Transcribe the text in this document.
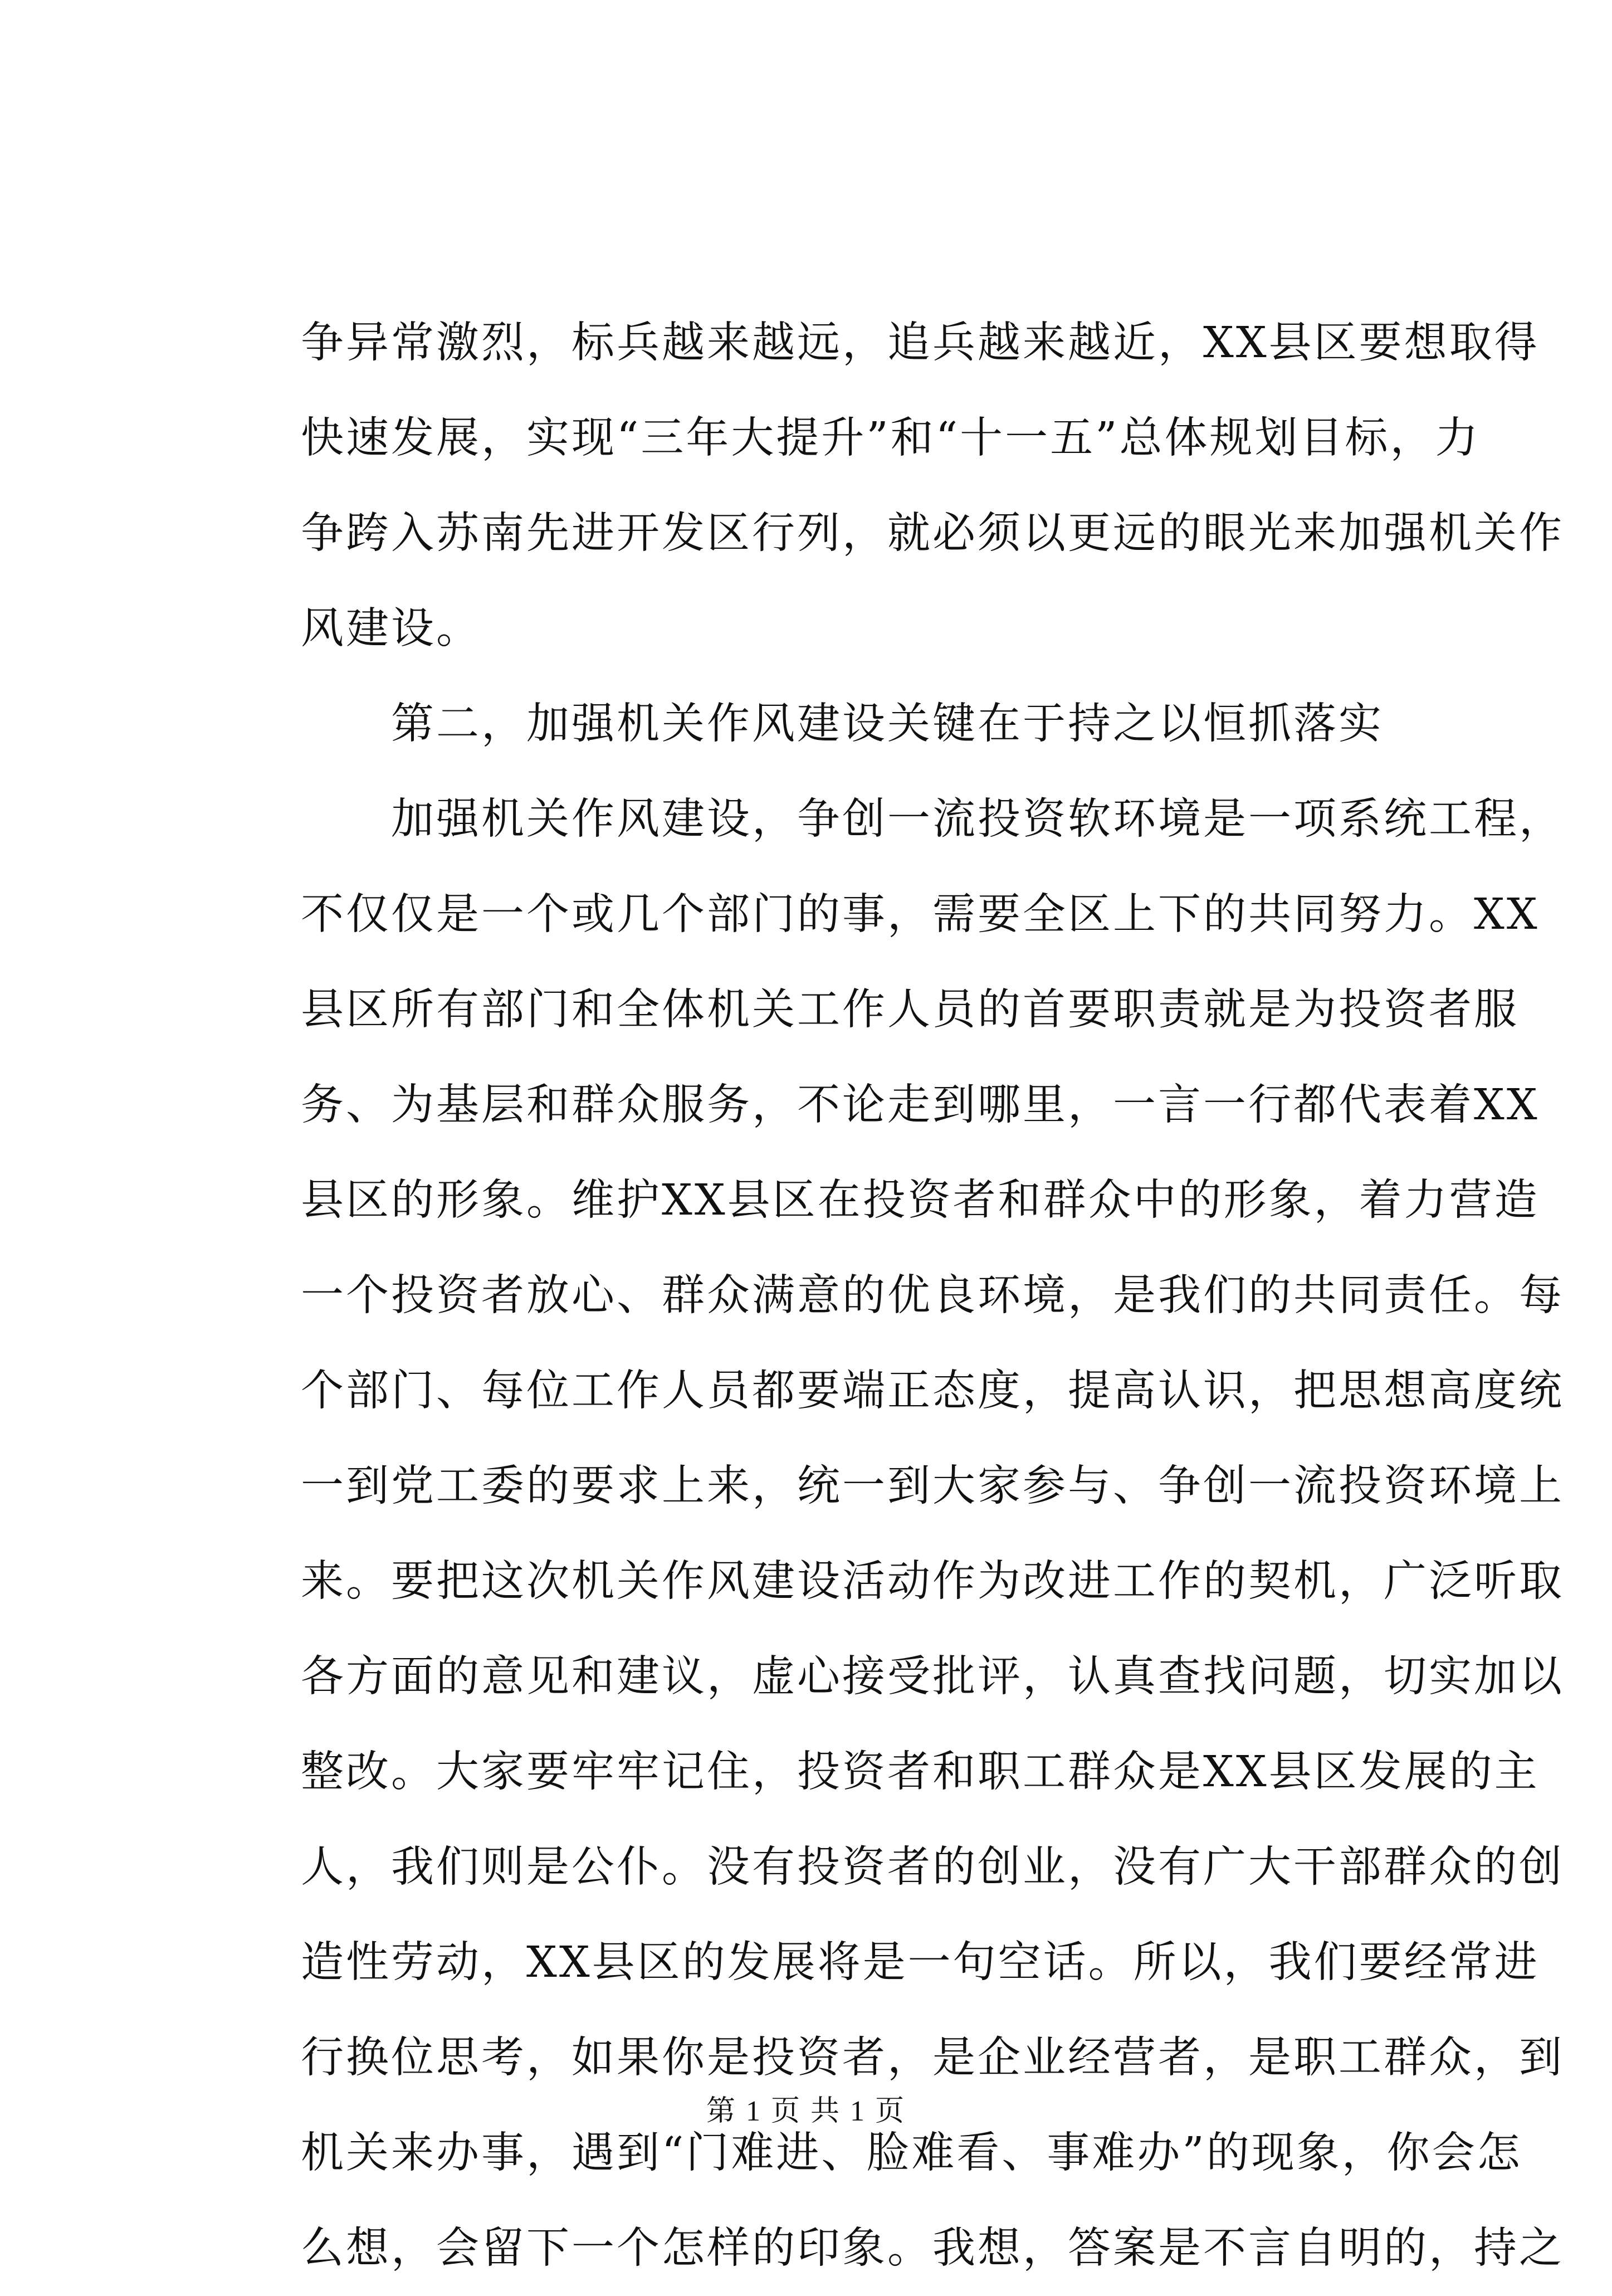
争异常激烈，标兵越来越远，追兵越来越近，XX县区要想取得
快速发展，实现“三年大提升”和“十一五”总体规划目标，力
争跨入苏南先进开发区行列，就必须以更远的眼光来加强机关作
风建设。
　　第二，加强机关作风建设关键在于持之以恒抓落实
　　加强机关作风建设，争创一流投资软环境是一项系统工程，
不仅仅是一个或几个部门的事，需要全区上下的共同努力。XX
县区所有部门和全体机关工作人员的首要职责就是为投资者服
务、为基层和群众服务，不论走到哪里，一言一行都代表着XX
县区的形象。维护XX县区在投资者和群众中的形象，着力营造
一个投资者放心、群众满意的优良环境，是我们的共同责任。每
个部门、每位工作人员都要端正态度，提高认识，把思想高度统
一到党工委的要求上来，统一到大家参与、争创一流投资环境上
来。要把这次机关作风建设活动作为改进工作的契机，广泛听取
各方面的意见和建议，虚心接受批评，认真查找问题，切实加以
整改。大家要牢牢记住，投资者和职工群众是XX县区发展的主
人，我们则是公仆。没有投资者的创业，没有广大干部群众的创
造性劳动，XX县区的发展将是一句空话。所以，我们要经常进
行换位思考，如果你是投资者，是企业经营者，是职工群众，到
机关来办事，遇到“门难进、脸难看、事难办”的现象，你会怎
么想，会留下一个怎样的印象。我想，答案是不言自明的，持之
第 1 页 共 1 页
